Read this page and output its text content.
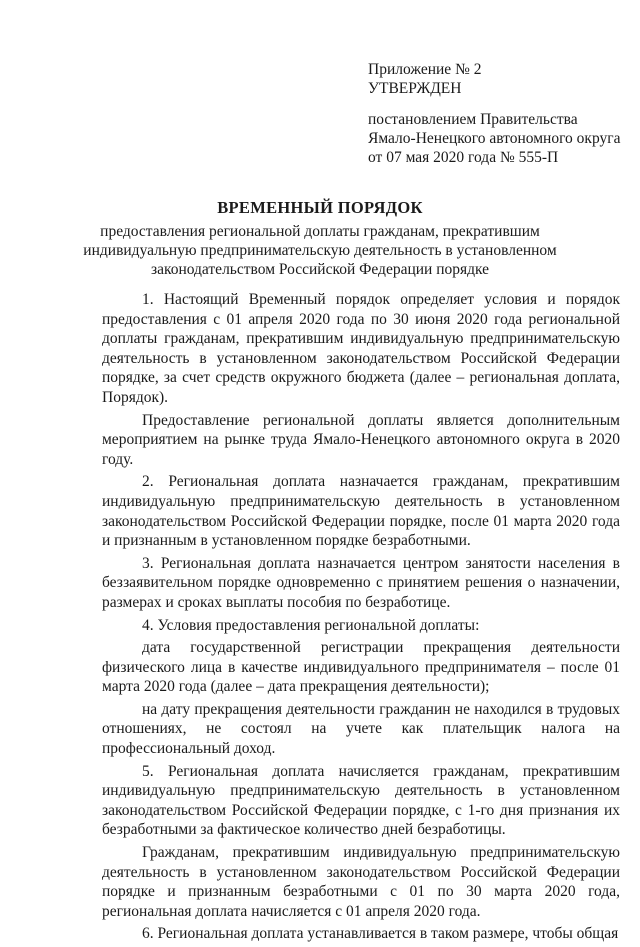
Приложение № 2
УТВЕРЖДЕН
постановлением Правительства
Ямало-Ненецкого автономного округа
от 07 мая 2020 года № 555-П
ВРЕМЕННЫЙ ПОРЯДОК
предоставления региональной доплаты гражданам, прекратившим индивидуальную предпринимательскую деятельность в установленном законодательством Российской Федерации порядке

1. Настоящий Временный порядок определяет условия и порядок предоставления с 01 апреля 2020 года по 30 июня 2020 года региональной доплаты гражданам, прекратившим индивидуальную предпринимательскую деятельность в установленном законодательством Российской Федерации порядке, за счет средств окружного бюджета (далее – региональная доплата, Порядок).

Предоставление региональной доплаты является дополнительным мероприятием на рынке труда Ямало-Ненецкого автономного округа в 2020 году.

2. Региональная доплата назначается гражданам, прекратившим индивидуальную предпринимательскую деятельность в установленном законодательством Российской Федерации порядке, после 01 марта 2020 года и признанным в установленном порядке безработными.

3. Региональная доплата назначается центром занятости населения в беззаявительном порядке одновременно с принятием решения о назначении, размерах и сроках выплаты пособия по безработице.

4. Условия предоставления региональной доплаты:

дата государственной регистрации прекращения деятельности физического лица в качестве индивидуального предпринимателя – после 01 марта 2020 года (далее – дата прекращения деятельности);

на дату прекращения деятельности гражданин не находился в трудовых отношениях, не состоял на учете как плательщик налога на профессиональный доход.

5. Региональная доплата начисляется гражданам, прекратившим индивидуальную предпринимательскую деятельность в установленном законодательством Российской Федерации порядке, с 1-го дня признания их безработными за фактическое количество дней безработицы.

Гражданам, прекратившим индивидуальную предпринимательскую деятельность в установленном законодательством Российской Федерации порядке и признанным безработными с 01 по 30 марта 2020 года, региональная доплата начисляется с 01 апреля 2020 года.

6. Региональная доплата устанавливается в таком размере, чтобы общая
